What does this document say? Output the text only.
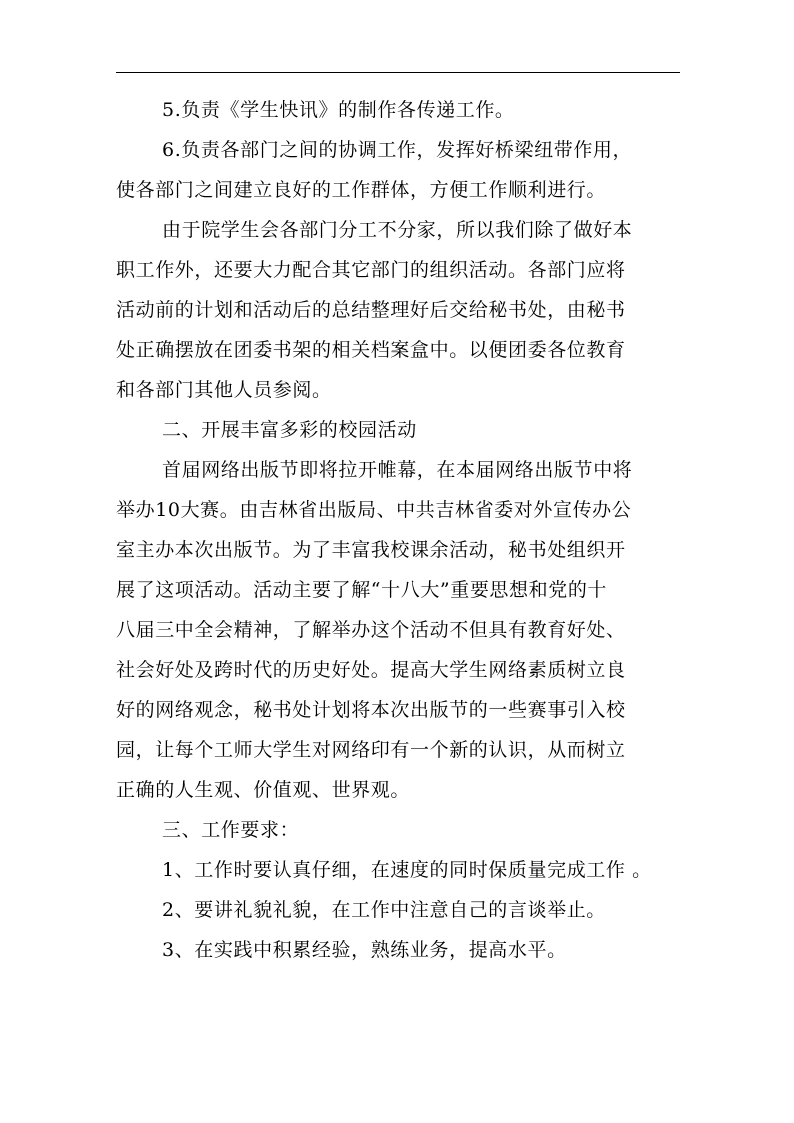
5.负责《学生快讯》的制作各传递工作。
6.负责各部门之间的协调工作，发挥好桥梁纽带作用，
使各部门之间建立良好的工作群体，方便工作顺利进行。
由于院学生会各部门分工不分家，所以我们除了做好本
职工作外，还要大力配合其它部门的组织活动。各部门应将
活动前的计划和活动后的总结整理好后交给秘书处，由秘书
处正确摆放在团委书架的相关档案盒中。以便团委各位教育
和各部门其他人员参阅。
二、开展丰富多彩的校园活动
首届网络出版节即将拉开帷幕，在本届网络出版节中将
举办10大赛。由吉林省出版局、中共吉林省委对外宣传办公
室主办本次出版节。为了丰富我校课余活动，秘书处组织开
展了这项活动。活动主要了解“十八大”重要思想和党的十
八届三中全会精神，了解举办这个活动不但具有教育好处、
社会好处及跨时代的历史好处。提高大学生网络素质树立良
好的网络观念，秘书处计划将本次出版节的一些赛事引入校
园，让每个工师大学生对网络印有一个新的认识，从而树立
正确的人生观、价值观、世界观。
三、工作要求：
1、工作时要认真仔细，在速度的同时保质量完成工作 。
2、要讲礼貌礼貌，在工作中注意自己的言谈举止。
3、在实践中积累经验，熟练业务，提高水平。
